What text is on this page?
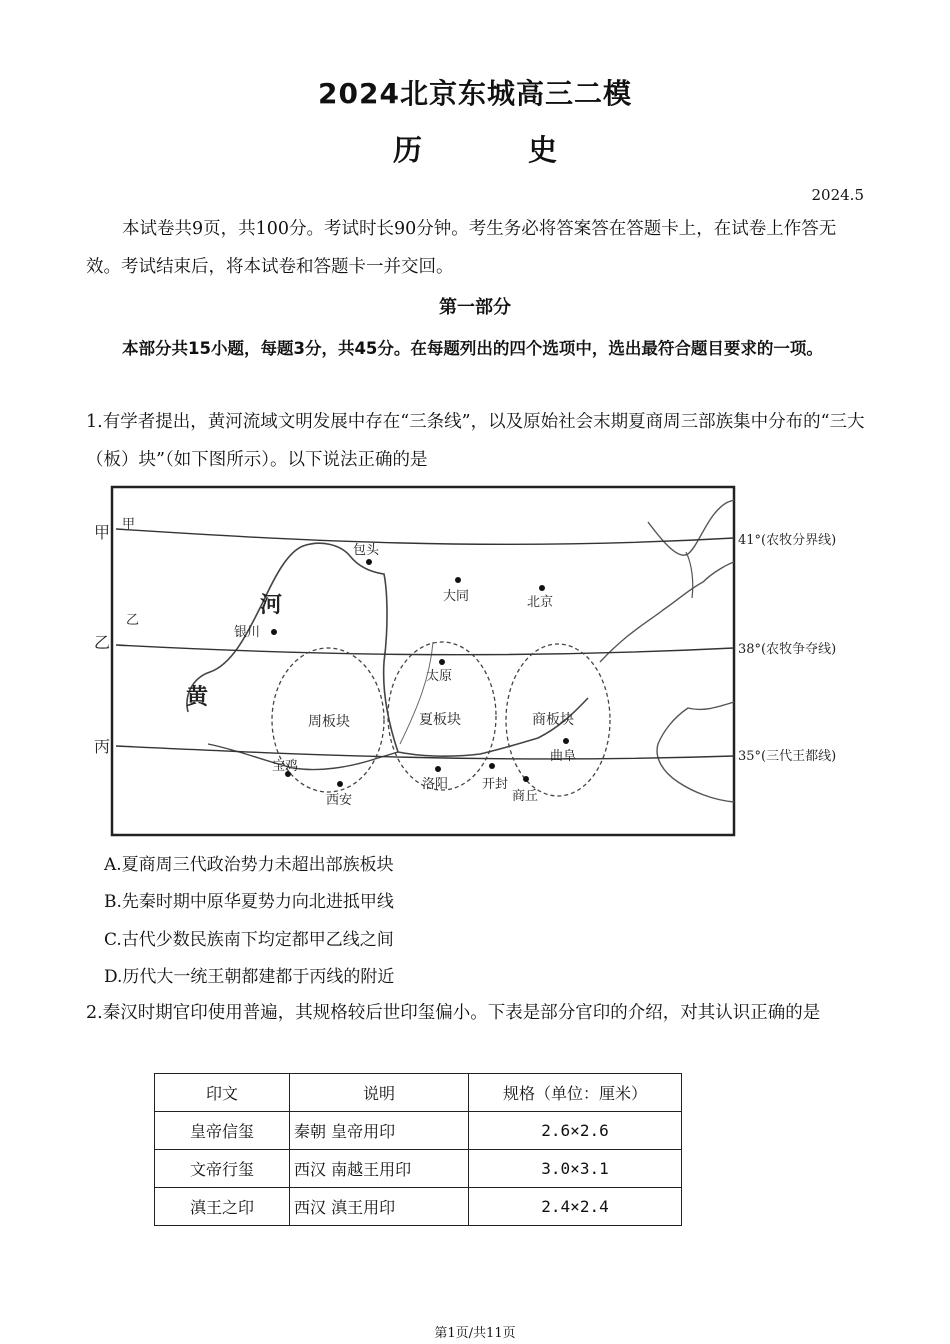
2024北京东城高三二模
历 史
2024.5
本试卷共9页，共100分。考试时长90分钟。考生务必将答案答在答题卡上，在试卷上作答无效。考试结束后，将本试卷和答题卡一并交回。
第一部分
本部分共15小题，每题3分，共45分。在每题列出的四个选项中，选出最符合题目要求的一项。
1.有学者提出，黄河流域文明发展中存在“三条线”，以及原始社会末期夏商周三部族集中分布的“三大（板）块”（如下图所示）。以下说法正确的是
甲 甲
乙
乙
丙
41°(农牧分界线)
38°(农牧争夺线)
35°(三代王都线)
河
黄
周板块	夏板块	商板块
包头
大同	北京
银川
太原
曲阜
宝鸡
西安
洛阳	开封
商丘
A.夏商周三代政治势力未超出部族板块
B.先秦时期中原华夏势力向北进抵甲线
C.古代少数民族南下均定都甲乙线之间
D.历代大一统王朝都建都于丙线的附近
2.秦汉时期官印使用普遍，其规格较后世印玺偏小。下表是部分官印的介绍，对其认识正确的是
印文	说明	规格（单位：厘米）
皇帝信玺	秦朝 皇帝用印	2.6×2.6
文帝行玺	西汉 南越王用印	3.0×3.1
滇王之印	西汉 滇王用印	2.4×2.4
第1页/共11页
